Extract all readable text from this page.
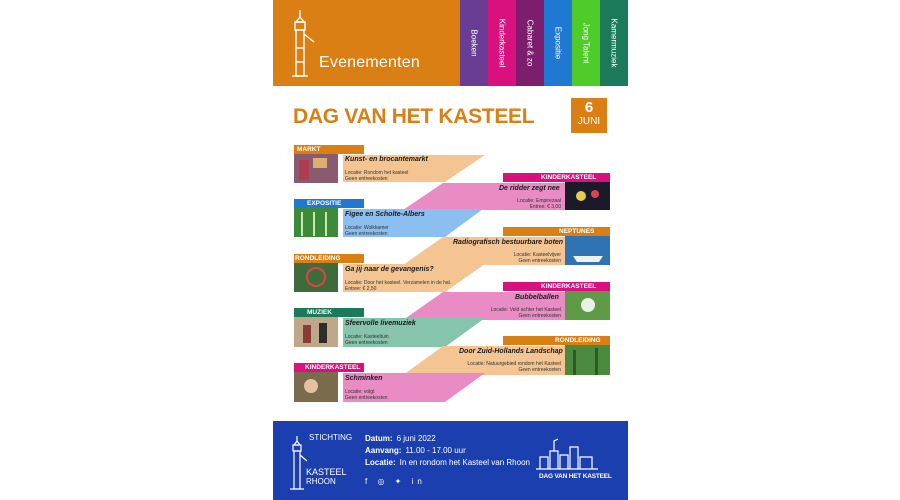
Evenementen
Boeken Kinderkasteel Cabaret & zo Expositie Jong Talent Kamermuziek
DAG VAN HET KASTEEL	6
JUNI
MARKT
Kunst- en brocantemarkt
Locatie: Rondom het kasteel
Geen entreekosten	KINDERKASTEEL
De ridder zegt nee
Locatie: Empirezaal
Entree: € 3,00
EXPOSITIE
Figee en Scholte-Albers
Locatie: Wolkkamer
Geen entreekosten	NEPTUNES
Radiografisch bestuurbare boten
Locatie: Kasteelvijver
Geen entreekosten
RONDLEIDING
Ga jij naar de gevangenis?
Locatie: Door het kasteel. Verzamelen in de hal.
Entree: € 2,50	KINDERKASTEEL
Bubbelballen
Locatie: Veld achter het Kasteel
Geen entreekosten
MUZIEK
Sfeervolle livemuziek
Locatie: Kasteeltuin
Geen entreekosten	RONDLEIDING
Door Zuid-Hollands Landschap
Locatie: Natuurgebied rondom het Kasteel
Geen entreekosten
KINDERKASTEEL
Schminken
Locatie: volgt
Geen entreekosten
STICHTING
KASTEEL
RHOON
Datum: 6 juni 2022
Aanvang: 11.00 - 17.00 uur
Locatie: In en rondom het Kasteel van Rhoon
f ◎ ✦ in
DAG VAN HET KASTEEL
